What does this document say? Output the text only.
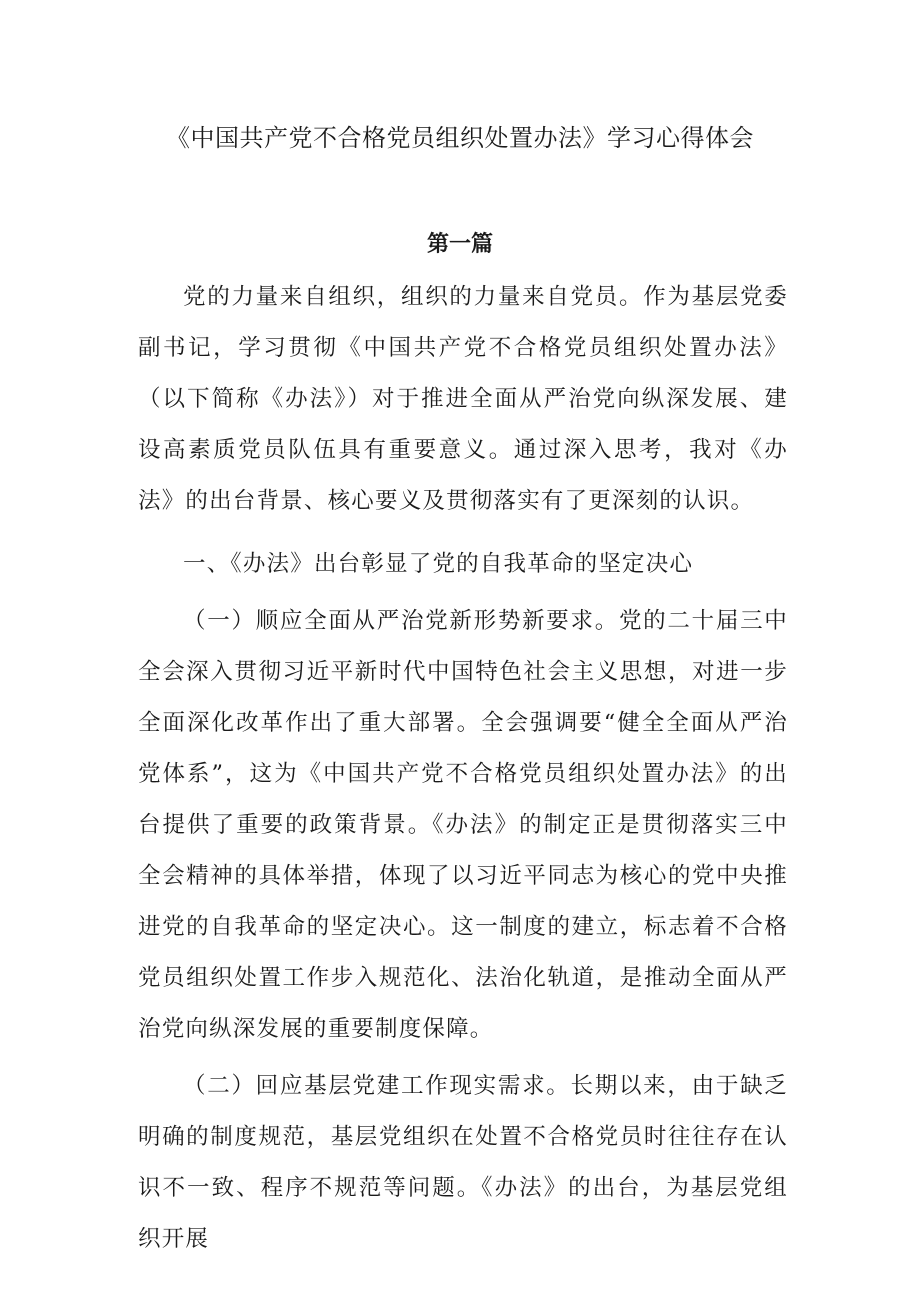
《中国共产党不合格党员组织处置办法》学习心得体会
第一篇

党的力量来自组织，组织的力量来自党员。作为基层党委副书记，学习贯彻《中国共产党不合格党员组织处置办法》（以下简称《办法》）对于推进全面从严治党向纵深发展、建设高素质党员队伍具有重要意义。通过深入思考，我对《办法》的出台背景、核心要义及贯彻落实有了更深刻的认识。

一、《办法》出台彰显了党的自我革命的坚定决心

（一）顺应全面从严治党新形势新要求。党的二十届三中全会深入贯彻习近平新时代中国特色社会主义思想，对进一步全面深化改革作出了重大部署。全会强调要“健全全面从严治党体系”，这为《中国共产党不合格党员组织处置办法》的出台提供了重要的政策背景。《办法》的制定正是贯彻落实三中全会精神的具体举措，体现了以习近平同志为核心的党中央推进党的自我革命的坚定决心。这一制度的建立，标志着不合格党员组织处置工作步入规范化、法治化轨道，是推动全面从严治党向纵深发展的重要制度保障。

（二）回应基层党建工作现实需求。长期以来，由于缺乏明确的制度规范，基层党组织在处置不合格党员时往往存在认识不一致、程序不规范等问题。《办法》的出台，为基层党组织开展
